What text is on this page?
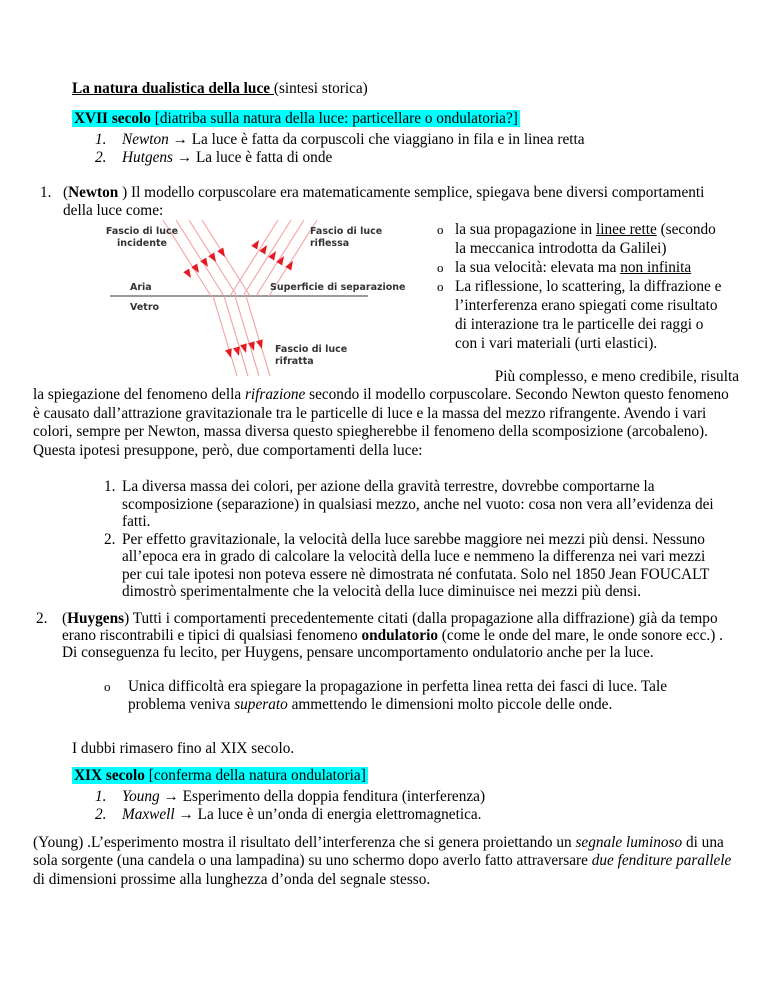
La natura dualistica della luce (sintesi storica)
XVII secolo [diatriba sulla natura della luce: particellare o ondulatoria?]
1.	Newton → La luce è fatta da corpuscoli che viaggiano in fila e in linea retta
2.	Hutgens → La luce è fatta di onde
1. (Newton ) Il modello corpuscolare era matematicamente semplice, spiegava bene diversi comportamenti della luce come:
Fascio di luce
incidente
Fascio di luce
riflessa
Aria
Vetro
Superficie di separazione
Fascio di luce
rifratta
o la sua propagazione in linee rette (secondo la meccanica introdotta da Galilei)
o la sua velocità: elevata ma non infinita
o La riflessione, lo scattering, la diffrazione e l’interferenza erano spiegati come risultato di interazione tra le particelle dei raggi o con i vari materiali (urti elastici).
Più complesso, e meno credibile, risulta
la spiegazione del fenomeno della rifrazione secondo il modello corpuscolare. Secondo Newton questo fenomeno è causato dall’attrazione gravitazionale tra le particelle di luce e la massa del mezzo rifrangente. Avendo i vari colori, sempre per Newton, massa diversa questo spiegherebbe il fenomeno della scomposizione (arcobaleno).
Questa ipotesi presuppone, però, due comportamenti della luce:
1. La diversa massa dei colori, per azione della gravità terrestre, dovrebbe comportarne la scomposizione (separazione) in qualsiasi mezzo, anche nel vuoto: cosa non vera all’evidenza dei fatti.
2. Per effetto gravitazionale, la velocità della luce sarebbe maggiore nei mezzi più densi. Nessuno all’epoca era in grado di calcolare la velocità della luce e nemmeno la differenza nei vari mezzi per cui tale ipotesi non poteva essere nè dimostrata né confutata. Solo nel 1850 Jean FOUCALT dimostrò sperimentalmente che la velocità della luce diminuisce nei mezzi più densi.
2. (Huygens) Tutti i comportamenti precedentemente citati (dalla propagazione alla diffrazione) già da tempo erano riscontrabili e tipici di qualsiasi fenomeno ondulatorio (come le onde del mare, le onde sonore ecc.) . Di conseguenza fu lecito, per Huygens, pensare uncomportamento ondulatorio anche per la luce.
o	Unica difficoltà era spiegare la propagazione in perfetta linea retta dei fasci di luce. Tale problema veniva superato ammettendo le dimensioni molto piccole delle onde.
I dubbi rimasero fino al XIX secolo.
XIX secolo [conferma della natura ondulatoria]
1.	Young → Esperimento della doppia fenditura (interferenza)
2.	Maxwell → La luce è un’onda di energia elettromagnetica.
(Young) .L’esperimento mostra il risultato dell’interferenza che si genera proiettando un segnale luminoso di una sola sorgente (una candela o una lampadina) su uno schermo dopo averlo fatto attraversare due fenditure parallele di dimensioni prossime alla lunghezza d’onda del segnale stesso.
